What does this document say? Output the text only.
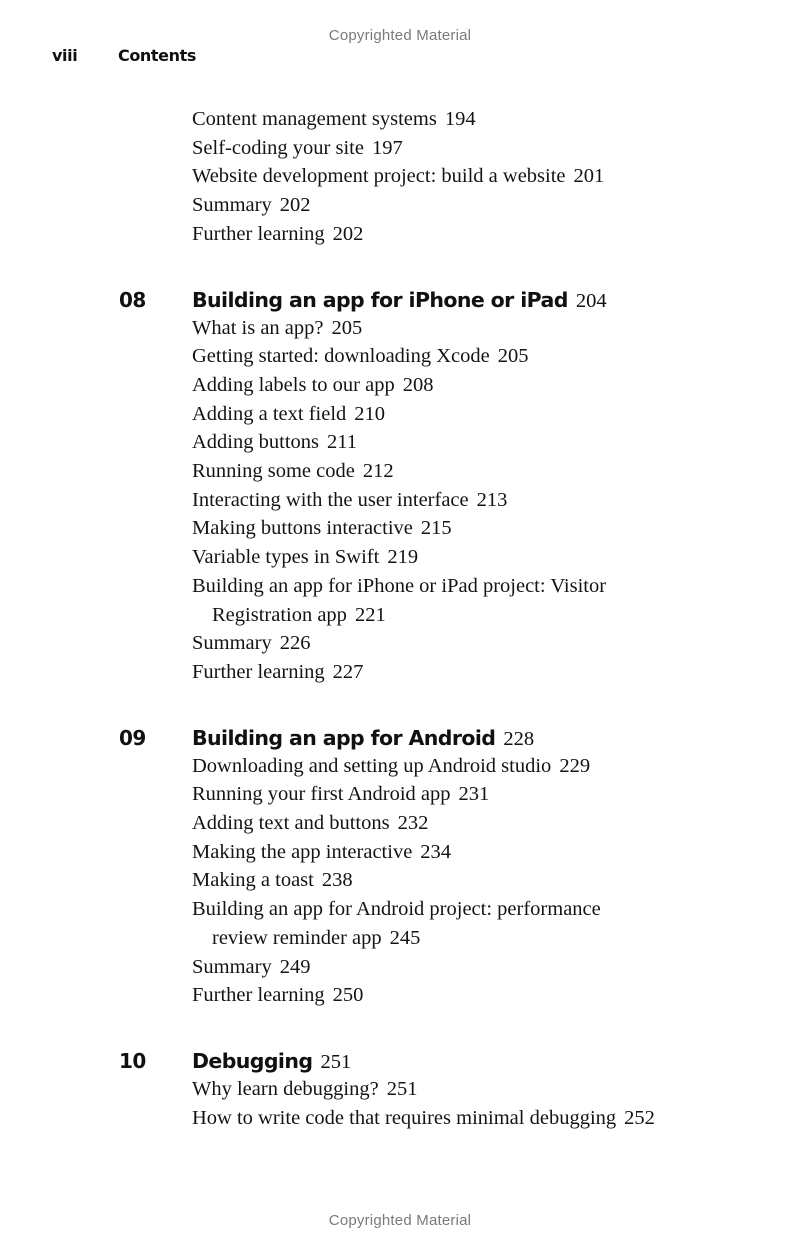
Copyrighted Material
viii	Contents
Content management systems 194
Self-coding your site 197
Website development project: build a website 201
Summary 202
Further learning 202
08 Building an app for iPhone or iPad 204
What is an app? 205
Getting started: downloading Xcode 205
Adding labels to our app 208
Adding a text field 210
Adding buttons 211
Running some code 212
Interacting with the user interface 213
Making buttons interactive 215
Variable types in Swift 219
Building an app for iPhone or iPad project: Visitor
Registration app 221
Summary 226
Further learning 227
09 Building an app for Android 228
Downloading and setting up Android studio 229
Running your first Android app 231
Adding text and buttons 232
Making the app interactive 234
Making a toast 238
Building an app for Android project: performance
review reminder app 245
Summary 249
Further learning 250
10 Debugging 251
Why learn debugging? 251
How to write code that requires minimal debugging 252
Copyrighted Material
